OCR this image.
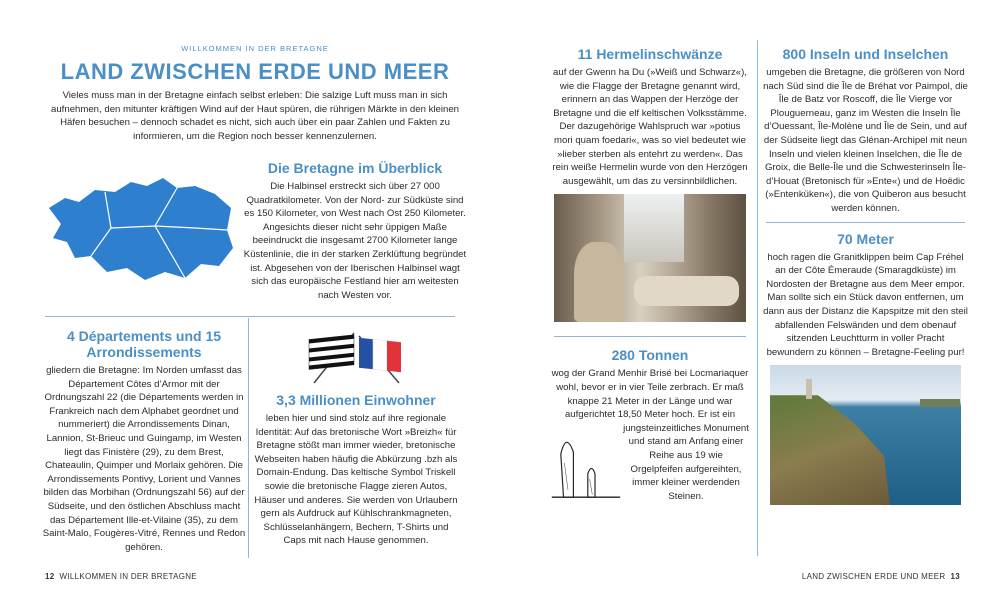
WILLKOMMEN IN DER BRETAGNE
LAND ZWISCHEN ERDE UND MEER
Vieles muss man in der Bretagne einfach selbst erleben: Die salzige Luft muss man in sich aufnehmen, den mitunter kräftigen Wind auf der Haut spüren, die rührigen Märkte in den kleinen Häfen besuchen – dennoch schadet es nicht, sich auch über ein paar Zahlen und Fakten zu informieren, um die Region noch besser kennenzulernen.
Die Bretagne im Überblick
Die Halbinsel erstreckt sich über 27 000 Quadratkilometer. Von der Nord- zur Südküste sind es 150 Kilometer, von West nach Ost 250 Kilometer. Angesichts dieser nicht sehr üppigen Maße beeindruckt die insgesamt 2700 Kilometer lange Küstenlinie, die in der starken Zerklüftung begründet ist. Abgesehen von der Iberischen Halbinsel wagt sich das europäische Festland hier am weitesten nach Westen vor.
4 Départements und 15 Arrondissements
gliedern die Bretagne: Im Norden umfasst das Département Côtes d’Armor mit der Ordnungszahl 22 (die Départements werden in Frankreich nach dem Alphabet geordnet und nummeriert) die Arrondissements Dinan, Lannion, St-Brieuc und Guingamp, im Westen liegt das Finistère (29), zu dem Brest, Chateaulin, Quimper und Morlaix gehören. Die Arrondissements Pontivy, Lorient und Vannes bilden das Morbihan (Ordnungszahl 56) auf der Südseite, und den östlichen Abschluss macht das Département Ille-et-Vilaine (35), zu dem Saint-Malo, Fougères-Vitré, Rennes und Redon gehören.
3,3 Millionen Einwohner
leben hier und sind stolz auf ihre regionale Identität: Auf das bretonische Wort »Breizh« für Bretagne stößt man immer wieder, bretonische Webseiten haben häufig die Abkürzung .bzh als Domain-Endung. Das keltische Symbol Triskell sowie die bretonische Flagge zieren Autos, Häuser und anderes. Sie werden von Urlaubern gern als Aufdruck auf Kühlschrankmagneten, Schlüsselanhängern, Bechern, T-Shirts und Caps mit nach Hause genommen.
12 WILLKOMMEN IN DER BRETAGNE
11 Hermelinschwänze
auf der Gwenn ha Du (»Weiß und Schwarz«), wie die Flagge der Bretagne genannt wird, erinnern an das Wappen der Herzöge der Bretagne und die elf keltischen Volksstämme. Der dazugehörige Wahlspruch war »potius mori quam foedari«, was so viel bedeutet wie »lieber sterben als entehrt zu werden«. Das rein weiße Hermelin wurde von den Herzögen ausgewählt, um das zu versinnbildlichen.
280 Tonnen
wog der Grand Menhir Brisé bei Locmariaquer wohl, bevor er in vier Teile zerbrach. Er maß knappe 21 Meter in der Länge und war aufgerichtet 18,50 Meter hoch. Er ist ein
jungsteinzeitliches Monument und stand am Anfang einer Reihe aus 19 wie Orgelpfeifen aufgereihten, immer kleiner werdenden Steinen.
800 Inseln und Inselchen
umgeben die Bretagne, die größeren von Nord nach Süd sind die Île de Bréhat vor Paimpol, die Île de Batz vor Roscoff, die Île Vierge vor Plouguerneau, ganz im Westen die Inseln Île d’Ouessant, Île-Molène und Île de Sein, und auf der Südseite liegt das Glénan-Archipel mit neun Inseln und vielen kleinen Inselchen, die Île de Groix, die Belle-Île und die Schwesterinseln Île-d’Houat (Bretonisch für »Ente«) und de Hoëdic (»Entenküken«), die von Quiberon aus besucht werden können.
70 Meter
hoch ragen die Granitklippen beim Cap Fréhel an der Côte Émeraude (Smaragdküste) im Nordosten der Bretagne aus dem Meer empor. Man sollte sich ein Stück davon entfernen, um dann aus der Distanz die Kapspitze mit den steil abfallenden Felswänden und dem obenauf sitzenden Leuchtturm in voller Pracht bewundern zu können – Bretagne-Feeling pur!
LAND ZWISCHEN ERDE UND MEER 13
